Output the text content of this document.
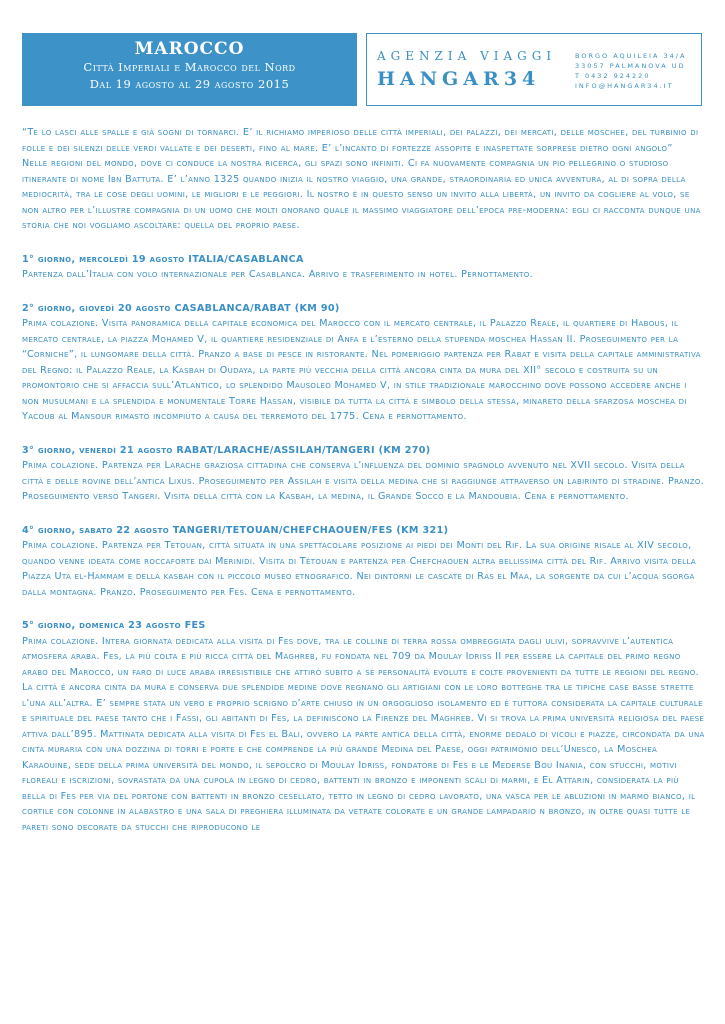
MAROCCO
Città Imperiali e Marocco del Nord
Dal 19 agosto al 29 agosto 2015
AGENZIA VIAGGI
HANGAR34
BORGO AQUILEIA 34/A
33057 PALMANOVA UD
T 0432 924220
INFO@HANGAR34.IT

“Te lo lasci alle spalle e già sogni di tornarci. E’ il richiamo imperioso delle città imperiali, dei palazzi, dei mercati, delle moschee, del turbinio di folle e dei silenzi delle verdi vallate e dei deserti, fino al mare. E’ l’incanto di fortezze assopite e inaspettate sorprese dietro ogni angolo”

Nelle regioni del mondo, dove ci conduce la nostra ricerca, gli spazi sono infiniti. Ci fa nuovamente compagnia un pio pellegrino o studioso itinerante di nome Ibn Battuta. E’ l’anno 1325 quando inizia il nostro viaggio, una grande, straordinaria ed unica avventura, al di sopra della mediocrità, tra le cose degli uomini, le migliori e le peggiori. Il nostro è in questo senso un invito alla libertà, un invito da cogliere al volo, se non altro per l’illustre compagnia di un uomo che molti onorano quale il massimo viaggiatore dell’epoca pre-moderna: egli ci racconta dunque una storia che noi vogliamo ascoltare: quella del proprio paese.

1° giorno, mercoledì 19 agosto ITALIA/CASABLANCA

Partenza dall’Italia con volo internazionale per Casablanca. Arrivo e trasferimento in hotel. Pernottamento.

2° giorno, giovedì 20 agosto CASABLANCA/RABAT (KM 90)

Prima colazione. Visita panoramica della capitale economica del Marocco con il mercato centrale, il Palazzo Reale, il quartiere di Habous, il mercato centrale, la piazza Mohamed V, il quartiere residenziale di Anfa e l’esterno della stupenda moschea Hassan II. Proseguimento per la “Corniche”, il lungomare della città. Pranzo a base di pesce in ristorante. Nel pomeriggio partenza per Rabat e visita della capitale amministrativa del Regno: il Palazzo Reale, la Kasbah di Oudaya, la parte più vecchia della città ancora cinta da mura del XII° secolo e costruita su un promontorio che si affaccia sull’Atlantico, lo splendido Mausoleo Mohamed V, in stile tradizionale marocchino dove possono accedere anche i non musulmani e la splendida e monumentale Torre Hassan, visibile da tutta la città e simbolo della stessa, minareto della sfarzosa moschea di Yacoub al Mansour rimasto incompiuto a causa del terremoto del 1775. Cena e pernottamento.

3° giorno, venerdì 21 agosto RABAT/LARACHE/ASSILAH/TANGERI (KM 270)

Prima colazione. Partenza per Larache graziosa cittadina che conserva l’influenza del dominio spagnolo avvenuto nel XVII secolo. Visita della città e delle rovine dell’antica Lixus. Proseguimento per Assilah e visita della medina che si raggiunge attraverso un labirinto di stradine. Pranzo. Proseguimento verso Tangeri. Visita della città con la Kasbah, la medina, il Grande Socco e la Mandoubia. Cena e pernottamento.

4° giorno, sabato 22 agosto TANGERI/TETOUAN/CHEFCHAOUEN/FES (KM 321)

Prima colazione. Partenza per Tetouan, città situata in una spettacolare posizione ai piedi dei Monti del Rif. La sua origine risale al XIV secolo, quando venne ideata come roccaforte dai Merinidi. Visita di Tétouan e partenza per Chefchaouen altra bellissima città del Rif. Arrivo visita della Piazza Uta el-Hammam e della kasbah con il piccolo museo etnografico. Nei dintorni le cascate di Ras el Maa, la sorgente da cui l’acqua sgorga dalla montagna. Pranzo. Proseguimento per Fes. Cena e pernottamento.

5° giorno, domenica 23 agosto FES

Prima colazione. Intera giornata dedicata alla visita di Fes dove, tra le colline di terra rossa ombreggiata dagli ulivi, sopravvive l’autentica atmosfera araba. Fes, la più colta e più ricca città del Maghreb, fu fondata nel 709 da Moulay Idriss II per essere la capitale del primo regno arabo del Marocco, un faro di luce araba irresistibile che attirò subito a sé personalità evolute e colte provenienti da tutte le regioni del regno. La città è ancora cinta da mura e conserva due splendide medine dove regnano gli artigiani con le loro botteghe tra le tipiche case basse strette l’una all’altra. E’ sempre stata un vero e proprio scrigno d’arte chiuso in un orgoglioso isolamento ed è tuttora considerata la capitale culturale e spirituale del paese tanto che i Fassi, gli abitanti di Fes, la definiscono la Firenze del Maghreb. Vi si trova la prima università religiosa del paese attiva dall’895. Mattinata dedicata alla visita di Fes el Bali, ovvero la parte antica della città, enorme dedalo di vicoli e piazze, circondata da una cinta muraria con una dozzina di torri e porte e che comprende la più grande Medina del Paese, oggi patrimonio dell’Unesco, la Moschea Karaouine, sede della prima università del mondo, il sepolcro di Moulay Idriss, fondatore di Fes e le Mederse Bou Inania, con stucchi, motivi floreali e iscrizioni, sovrastata da una cupola in legno di cedro, battenti in bronzo e imponenti scali di marmi, e El Attarin, considerata la più bella di Fes per via del portone con battenti in bronzo cesellato, tetto in legno di cedro lavorato, una vasca per le abluzioni in marmo bianco, il cortile con colonne in alabastro e una sala di preghiera illuminata da vetrate colorate e un grande lampadario n bronzo, in oltre quasi tutte le pareti sono decorate da stucchi che riproducono le
